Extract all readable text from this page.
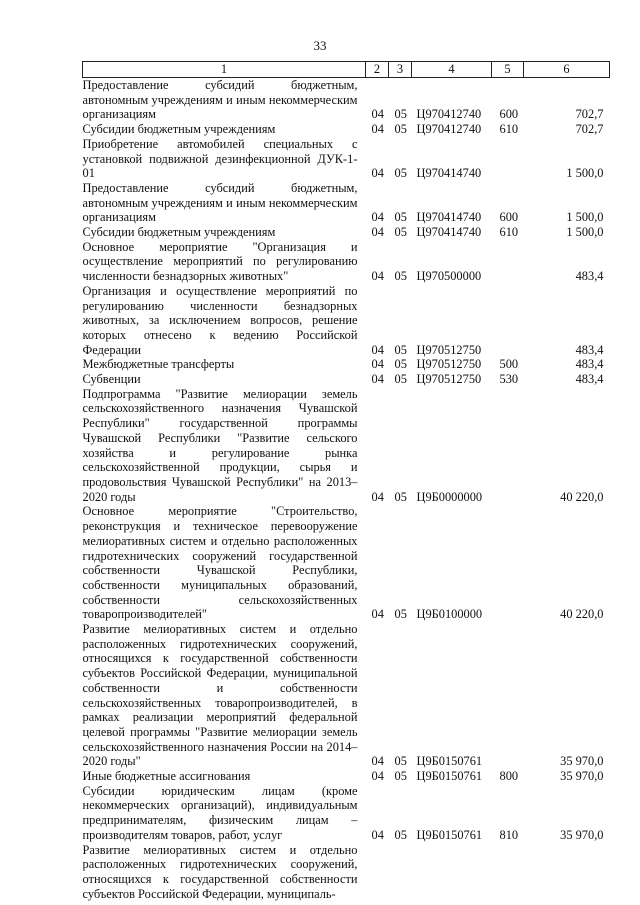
33
1	2	3	4	5	6
Предоставление субсидий бюджетным, автономным учреждениям и иным некоммерческим организациям	04	05	Ц970412740	600	702,7
Субсидии бюджетным учреждениям	04	05	Ц970412740	610	702,7
Приобретение автомобилей специальных с установкой подвижной дезинфекционной ДУК-1-01	04	05	Ц970414740		1 500,0
Предоставление субсидий бюджетным, автономным учреждениям и иным некоммерческим организациям	04	05	Ц970414740	600	1 500,0
Субсидии бюджетным учреждениям	04	05	Ц970414740	610	1 500,0
Основное мероприятие "Организация и осуществление мероприятий по регулированию численности безнадзорных животных"	04	05	Ц970500000		483,4
Организация и осуществление мероприятий по регулированию численности безнадзорных животных, за исключением вопросов, решение которых отнесено к ведению Российской Федерации	04	05	Ц970512750		483,4
Межбюджетные трансферты	04	05	Ц970512750	500	483,4
Субвенции	04	05	Ц970512750	530	483,4
Подпрограмма "Развитие мелиорации земель сельскохозяйственного назначения Чувашской Республики" государственной программы Чувашской Республики "Развитие сельского хозяйства и регулирование рынка сельскохозяйственной продукции, сырья и продовольствия Чувашской Республики" на 2013–2020 годы	04	05	Ц9Б0000000		40 220,0
Основное мероприятие "Строительство, реконструкция и техническое перевооружение мелиоративных систем и отдельно расположенных гидротехнических сооружений государственной собственности Чувашской Республики, собственности муниципальных образований, собственности сельскохозяйственных товаропроизводителей"	04	05	Ц9Б0100000		40 220,0
Развитие мелиоративных систем и отдельно расположенных гидротехнических сооружений, относящихся к государственной собственности субъектов Российской Федерации, муниципальной собственности и собственности сельскохозяйственных товаропроизводителей, в рамках реализации мероприятий федеральной целевой программы "Развитие мелиорации земель сельскохозяйственного назначения России на 2014–2020 годы"	04	05	Ц9Б0150761		35 970,0
Иные бюджетные ассигнования	04	05	Ц9Б0150761	800	35 970,0
Субсидии юридическим лицам (кроме некоммерческих организаций), индивидуальным предпринимателям, физическим лицам – производителям товаров, работ, услуг	04	05	Ц9Б0150761	810	35 970,0
Развитие мелиоративных систем и отдельно расположенных гидротехнических сооружений, относящихся к государственной собственности субъектов Российской Федерации, муниципаль-					
